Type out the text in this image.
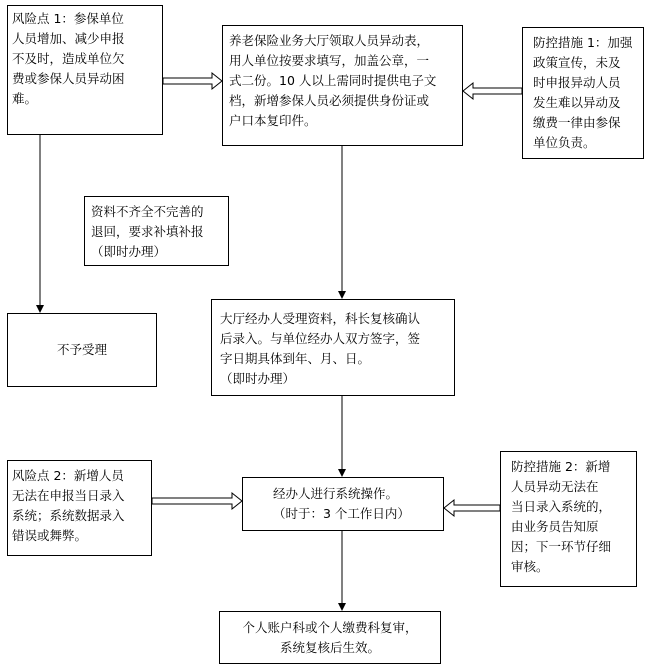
风险点 1：参保单位
人员增加、减少申报
不及时，造成单位欠
费或参保人员异动困
难。
养老保险业务大厅领取人员异动表，
用人单位按要求填写，加盖公章，一
式二份。10 人以上需同时提供电子文
档，新增参保人员必须提供身份证或
户口本复印件。
防控措施 1：加强
政策宣传，未及
时申报异动人员
发生难以异动及
缴费一律由参保
单位负责。
资料不齐全不完善的
退回，要求补填补报
（即时办理）
不予受理
大厅经办人受理资料，科长复核确认
后录入。与单位经办人双方签字，签
字日期具体到年、月、日。
（即时办理）
风险点 2：新增人员
无法在申报当日录入
系统；系统数据录入
错误或舞弊。
经办人进行系统操作。
（时于：3 个工作日内）
防控措施 2：新增
人员异动无法在
当日录入系统的，
由业务员告知原
因；下一环节仔细
审核。
个人账户科或个人缴费科复审，
系统复核后生效。
